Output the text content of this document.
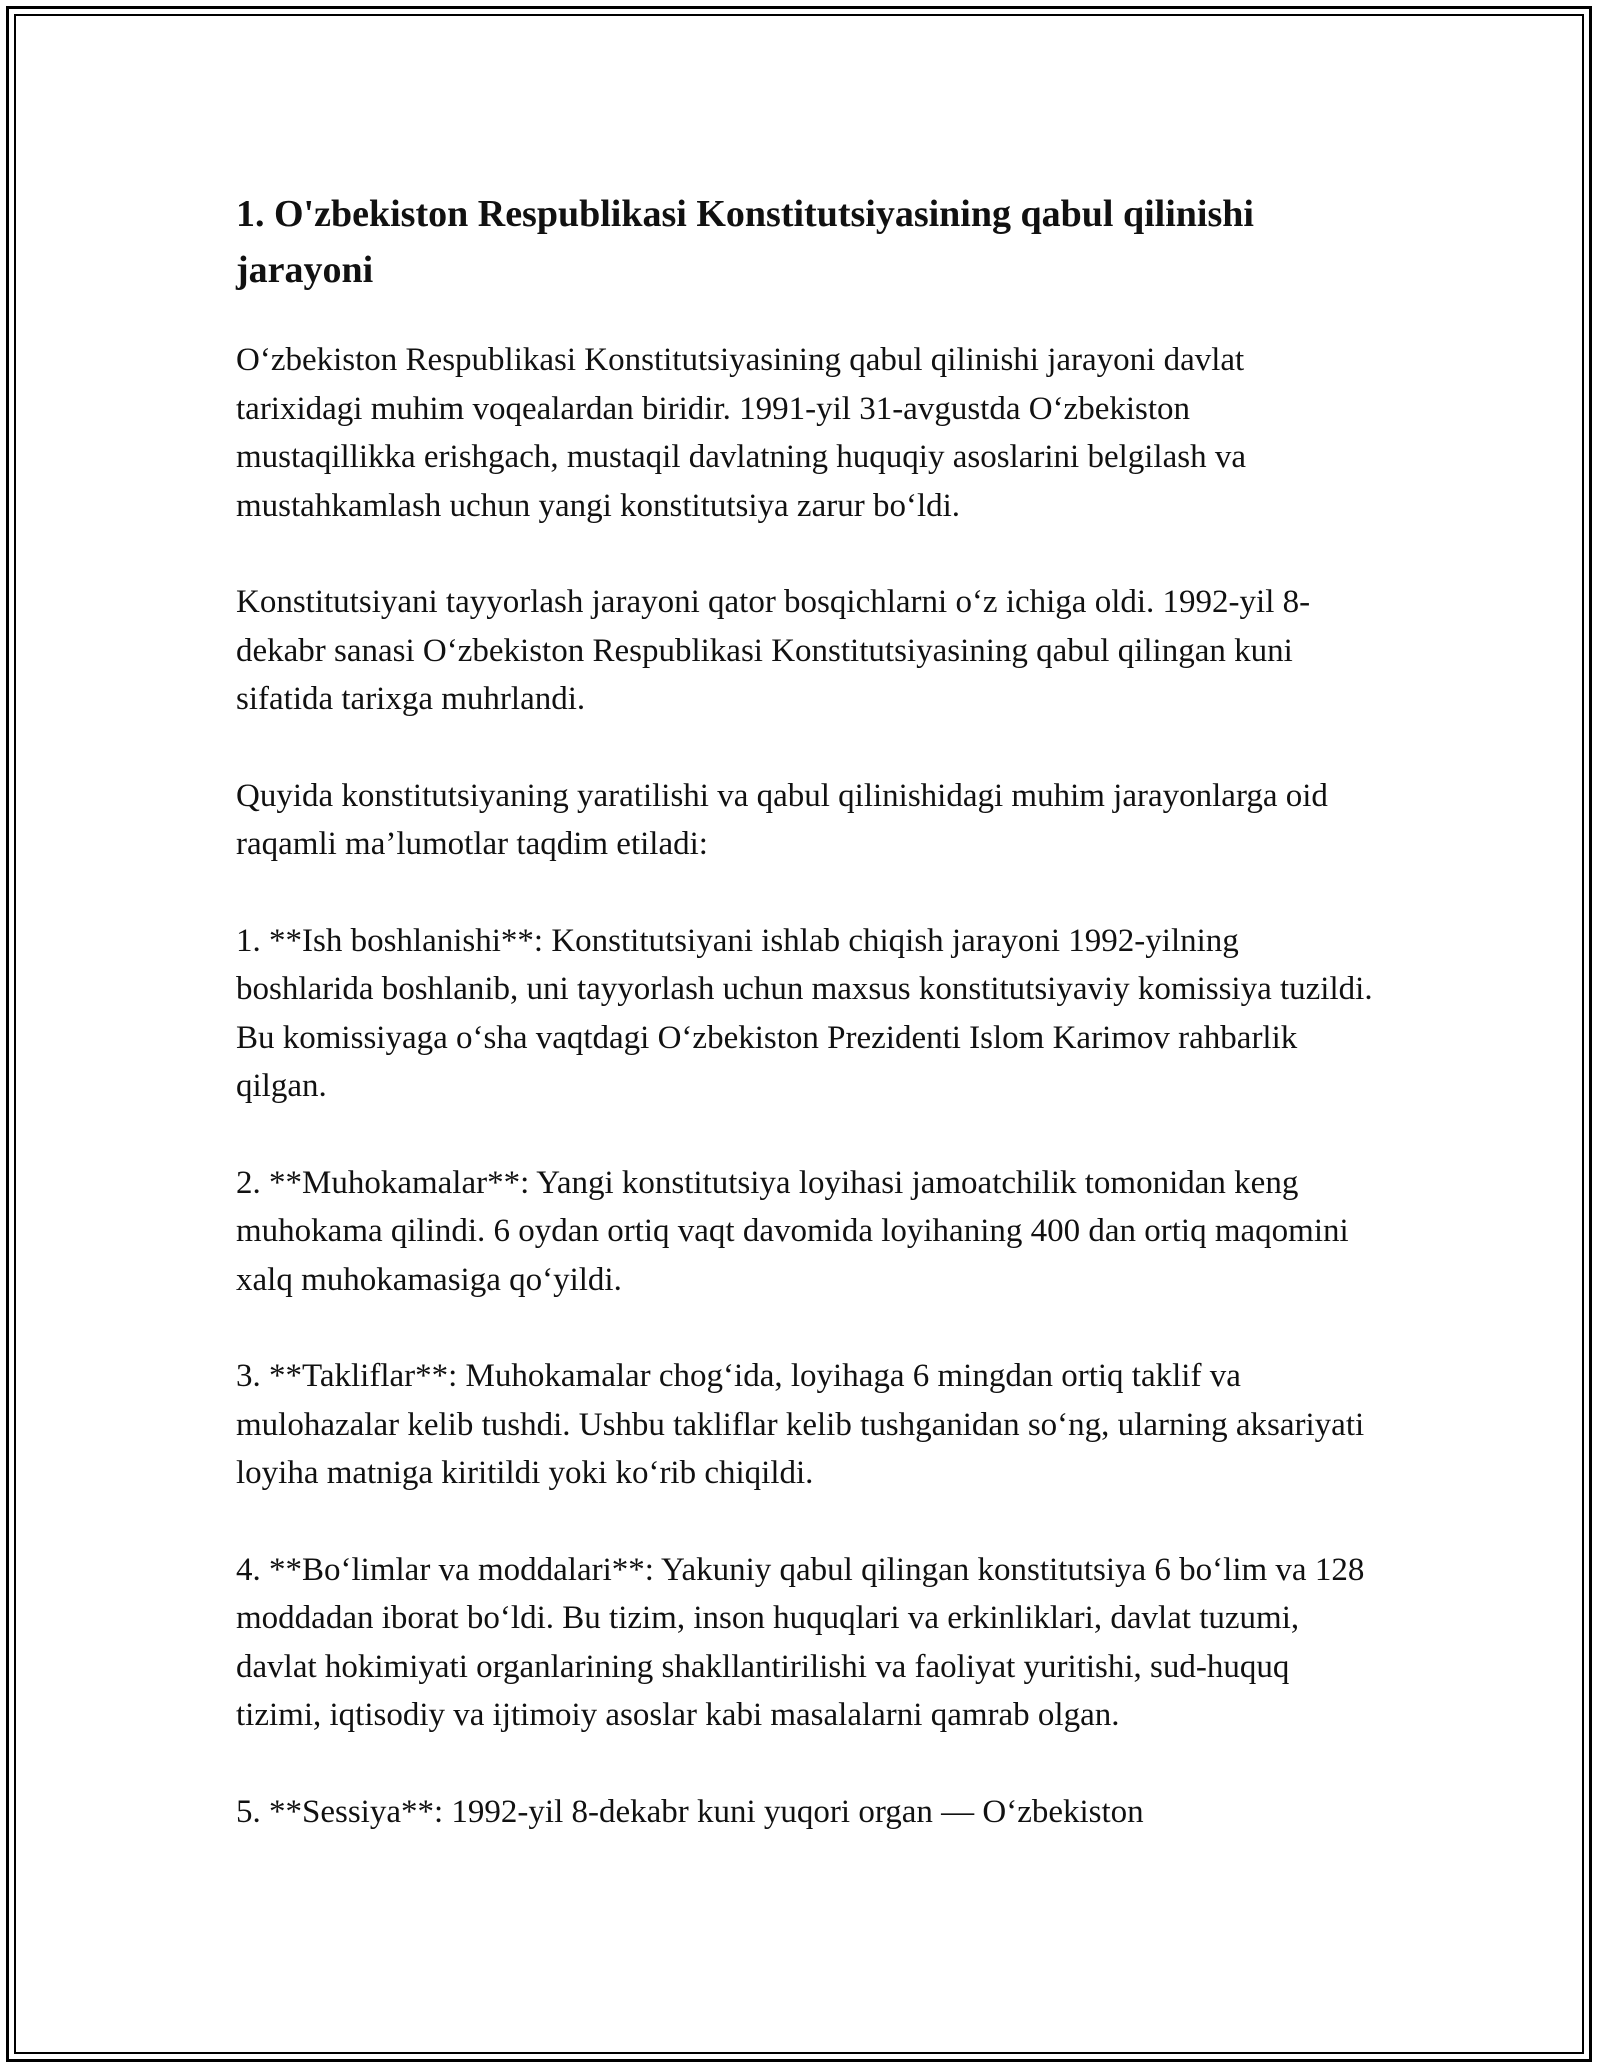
1. O'zbekiston Respublikasi Konstitutsiyasining qabul qilinishi jarayoni

O‘zbekiston Respublikasi Konstitutsiyasining qabul qilinishi jarayoni davlat tarixidagi muhim voqealardan biridir. 1991-yil 31-avgustda O‘zbekiston mustaqillikka erishgach, mustaqil davlatning huquqiy asoslarini belgilash va mustahkamlash uchun yangi konstitutsiya zarur bo‘ldi.

Konstitutsiyani tayyorlash jarayoni qator bosqichlarni o‘z ichiga oldi. 1992-yil 8-dekabr sanasi O‘zbekiston Respublikasi Konstitutsiyasining qabul qilingan kuni sifatida tarixga muhrlandi.

Quyida konstitutsiyaning yaratilishi va qabul qilinishidagi muhim jarayonlarga oid raqamli ma’lumotlar taqdim etiladi:

1. **Ish boshlanishi**: Konstitutsiyani ishlab chiqish jarayoni 1992-yilning boshlarida boshlanib, uni tayyorlash uchun maxsus konstitutsiyaviy komissiya tuzildi. Bu komissiyaga o‘sha vaqtdagi O‘zbekiston Prezidenti Islom Karimov rahbarlik qilgan.

2. **Muhokamalar**: Yangi konstitutsiya loyihasi jamoatchilik tomonidan keng muhokama qilindi. 6 oydan ortiq vaqt davomida loyihaning 400 dan ortiq maqomini xalq muhokamasiga qo‘yildi.

3. **Takliflar**: Muhokamalar chog‘ida, loyihaga 6 mingdan ortiq taklif va mulohazalar kelib tushdi. Ushbu takliflar kelib tushganidan so‘ng, ularning aksariyati loyiha matniga kiritildi yoki ko‘rib chiqildi.

4. **Bo‘limlar va moddalari**: Yakuniy qabul qilingan konstitutsiya 6 bo‘lim va 128 moddadan iborat bo‘ldi. Bu tizim, inson huquqlari va erkinliklari, davlat tuzumi, davlat hokimiyati organlarining shakllantirilishi va faoliyat yuritishi, sud-huquq tizimi, iqtisodiy va ijtimoiy asoslar kabi masalalarni qamrab olgan.

5. **Sessiya**: 1992-yil 8-dekabr kuni yuqori organ — O‘zbekiston
